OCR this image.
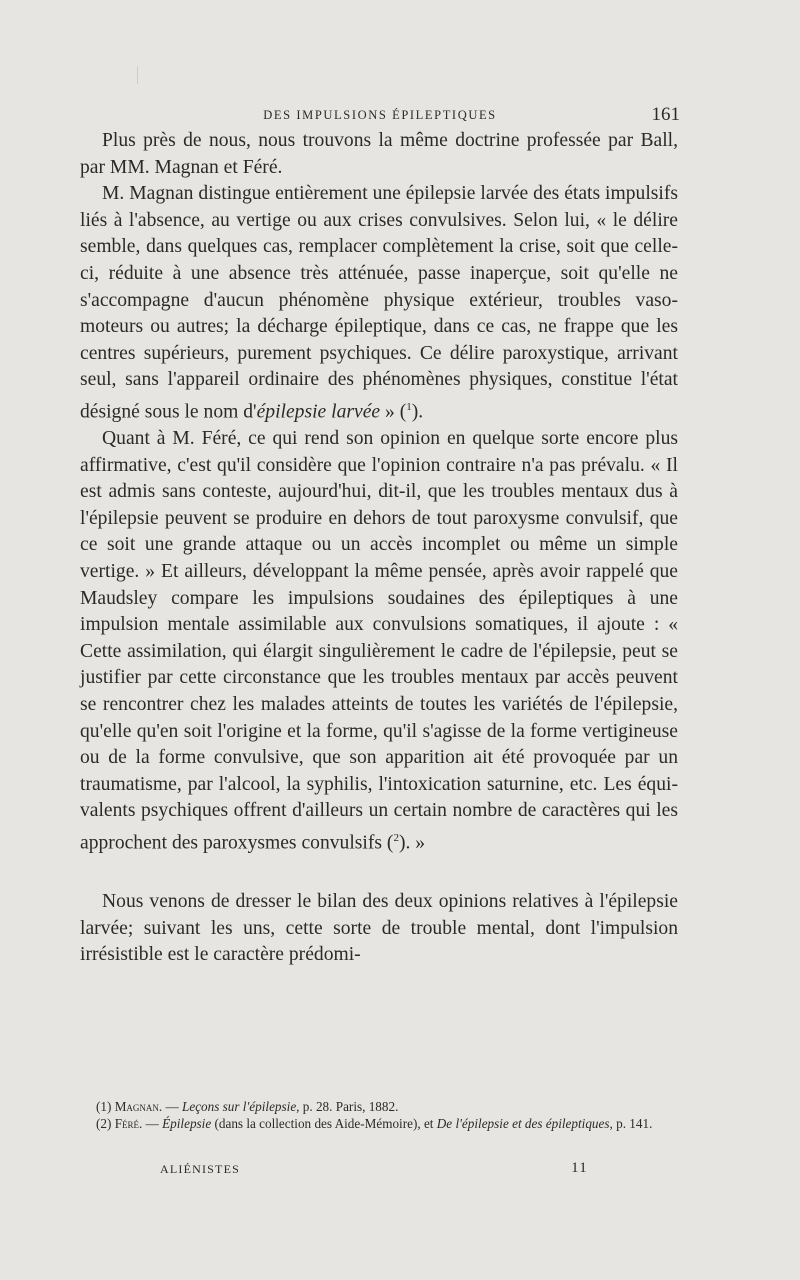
DES IMPULSIONS ÉPILEPTIQUES	161

Plus près de nous, nous trouvons la même doctrine professée par Ball, par MM. Magnan et Féré.

M. Magnan distingue entièrement une épilepsie larvée des états impulsifs liés à l'absence, au vertige ou aux crises convulsives. Selon lui, « le délire semble, dans quelques cas, remplacer complètement la crise, soit que celle-ci, réduite à une absence très atténuée, passe inaperçue, soit qu'elle ne s'accompagne d'aucun phénomène physique extérieur, troubles vaso-moteurs ou autres; la décharge épileptique, dans ce cas, ne frappe que les centres supérieurs, purement psychiques. Ce délire paroxystique, arrivant seul, sans l'appareil ordinaire des phénomènes physiques, constitue l'état désigné sous le nom d'épilepsie larvée » ($^1$).

Quant à M. Féré, ce qui rend son opinion en quelque sorte encore plus affirmative, c'est qu'il considère que l'opinion contraire n'a pas prévalu. « Il est admis sans conteste, aujourd'hui, dit-il, que les troubles mentaux dus à l'épilepsie peuvent se produire en dehors de tout paroxysme convulsif, que ce soit une grande attaque ou un accès incomplet ou même un simple vertige. » Et ailleurs, développant la même pensée, après avoir rappelé que Maudsley compare les impulsions soudaines des épileptiques à une impulsion mentale assimilable aux convulsions somatiques, il ajoute : « Cette assimilation, qui élargit singulièrement le cadre de l'épilepsie, peut se justifier par cette circonstance que les troubles mentaux par accès peuvent se rencontrer chez les malades atteints de toutes les variétés de l'épilepsie, qu'elle qu'en soit l'origine et la forme, qu'il s'agisse de la forme vertigineuse ou de la forme convulsive, que son apparition ait été provoquée par un traumatisme, par l'alcool, la syphilis, l'intoxication saturnine, etc. Les équivalents psychiques offrent d'ailleurs un certain nombre de caractères qui les approchent des paroxysmes convulsifs ($^2$). »

Nous venons de dresser le bilan des deux opinions relatives à l'épilepsie larvée; suivant les uns, cette sorte de trouble mental, dont l'impulsion irrésistible est le caractère prédomi-

(1) Magnan. — Leçons sur l'épilepsie, p. 28. Paris, 1882.

(2) Féré. — Épilepsie (dans la collection des Aide-Mémoire), et De l'épilepsie et des épileptiques, p. 141.

ALIÉNISTES	11
